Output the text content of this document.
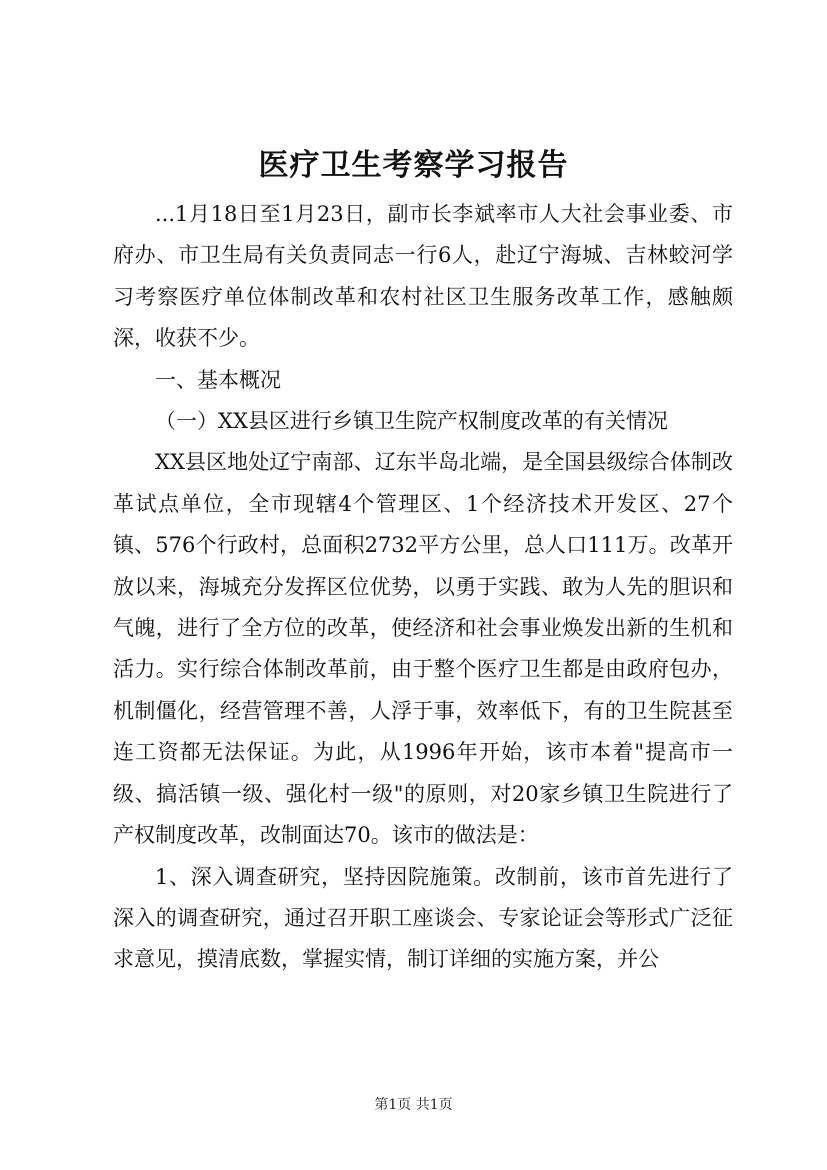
医疗卫生考察学习报告

...1月18日至1月23日，副市长李斌率市人大社会事业委、市府办、市卫生局有关负责同志一行6人，赴辽宁海城、吉林蛟河学习考察医疗单位体制改革和农村社区卫生服务改革工作，感触颇深，收获不少。

一、基本概况

（一）XX县区进行乡镇卫生院产权制度改革的有关情况

XX县区地处辽宁南部、辽东半岛北端，是全国县级综合体制改革试点单位，全市现辖4个管理区、1个经济技术开发区、27个镇、576个行政村，总面积2732平方公里，总人口111万。改革开放以来，海城充分发挥区位优势，以勇于实践、敢为人先的胆识和气魄，进行了全方位的改革，使经济和社会事业焕发出新的生机和活力。实行综合体制改革前，由于整个医疗卫生都是由政府包办，机制僵化，经营管理不善，人浮于事，效率低下，有的卫生院甚至连工资都无法保证。为此，从1996年开始，该市本着"提高市一级、搞活镇一级、强化村一级"的原则，对20家乡镇卫生院进行了产权制度改革，改制面达70。该市的做法是：

1、深入调查研究，坚持因院施策。改制前，该市首先进行了深入的调查研究，通过召开职工座谈会、专家论证会等形式广泛征求意见，摸清底数，掌握实情，制订详细的实施方案，并公

第1页 共1页
